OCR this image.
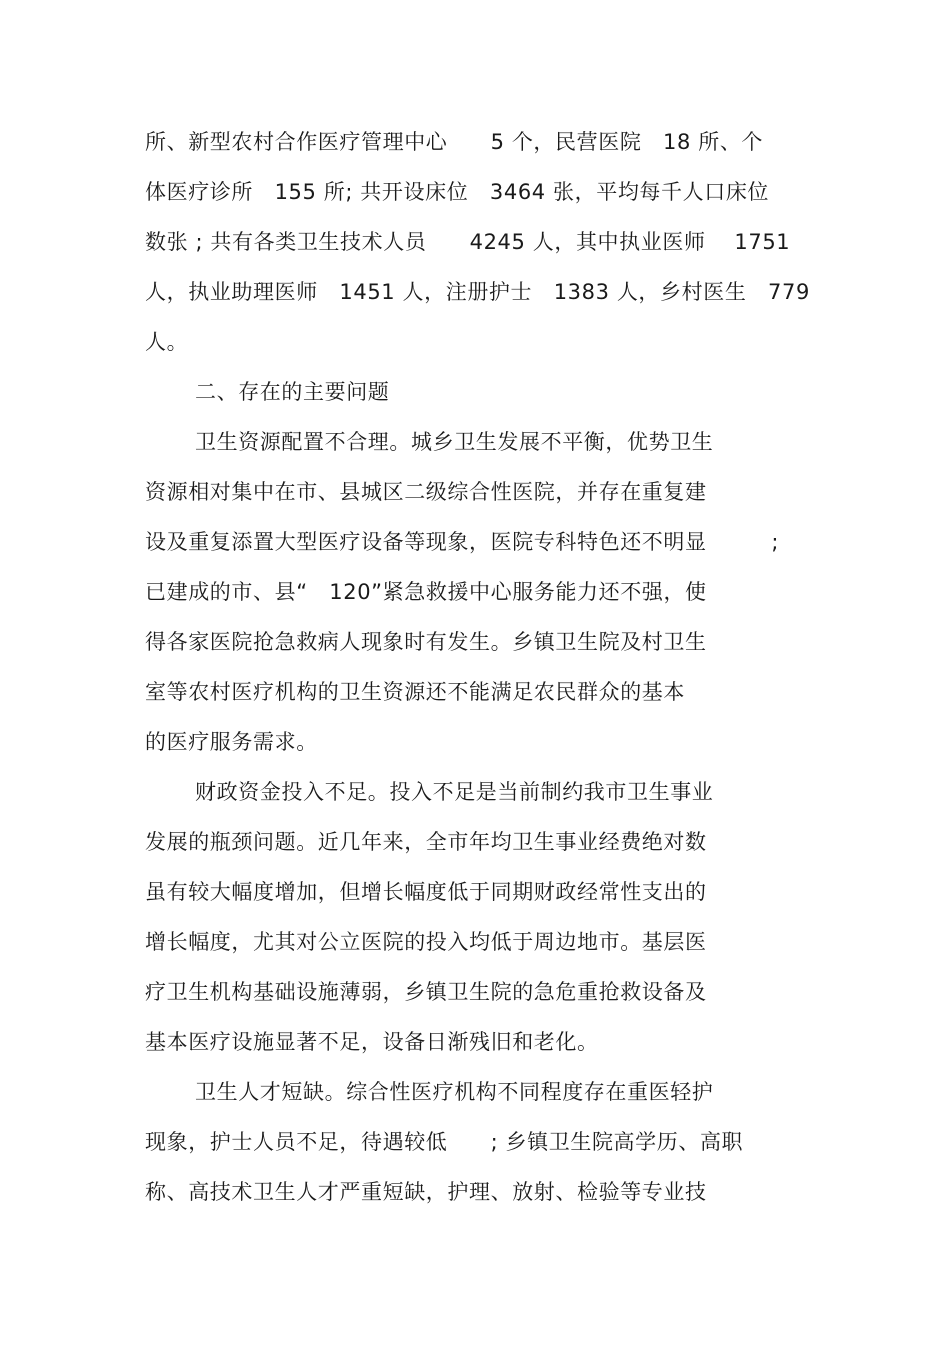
所、新型农村合作医疗管理中心　　5 个，民营医院　18 所、个
体医疗诊所　155 所; 共开设床位　3464 张，平均每千人口床位
数张 ; 共有各类卫生技术人员　　4245 人，其中执业医师　 1751
人，执业助理医师　1451 人，注册护士　1383 人，乡村医生　779
人。
二、存在的主要问题
卫生资源配置不合理。城乡卫生发展不平衡，优势卫生
资源相对集中在市、县城区二级综合性医院，并存在重复建
设及重复添置大型医疗设备等现象，医院专科特色还不明显　　　;
已建成的市、县“　120”紧急救援中心服务能力还不强，使
得各家医院抢急救病人现象时有发生。乡镇卫生院及村卫生
室等农村医疗机构的卫生资源还不能满足农民群众的基本
的医疗服务需求。
财政资金投入不足。投入不足是当前制约我市卫生事业
发展的瓶颈问题。近几年来，全市年均卫生事业经费绝对数
虽有较大幅度增加，但增长幅度低于同期财政经常性支出的
增长幅度，尤其对公立医院的投入均低于周边地市。基层医
疗卫生机构基础设施薄弱，乡镇卫生院的急危重抢救设备及
基本医疗设施显著不足，设备日渐残旧和老化。
卫生人才短缺。综合性医疗机构不同程度存在重医轻护
现象，护士人员不足，待遇较低　　; 乡镇卫生院高学历、高职
称、高技术卫生人才严重短缺，护理、放射、检验等专业技
